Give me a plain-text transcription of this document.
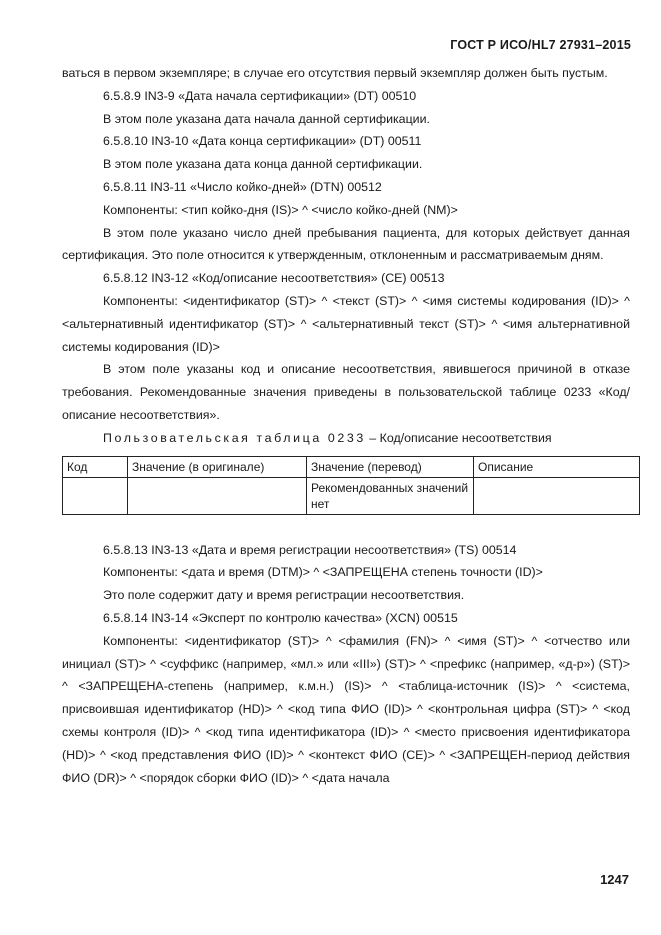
ГОСТ Р ИСО/HL7 27931–2015

ваться в первом экземпляре; в случае его отсутствия первый экземпляр должен быть пустым.

6.5.8.9 IN3-9 «Дата начала сертификации» (DT) 00510

В этом поле указана дата начала данной сертификации.

6.5.8.10 IN3-10 «Дата конца сертификации» (DT) 00511

В этом поле указана дата конца данной сертификации.

6.5.8.11 IN3-11 «Число койко-дней» (DTN) 00512

Компоненты: <тип койко-дня (IS)> ^ <число койко-дней (NM)>

В этом поле указано число дней пребывания пациента, для которых действует данная сертификация. Это поле относится к утвержденным, отклоненным и рассматриваемым дням.

6.5.8.12 IN3-12 «Код/описание несоответствия» (CE) 00513

Компоненты: <идентификатор (ST)> ^ <текст (ST)> ^ <имя системы кодирования (ID)> ^ <альтернативный идентификатор (ST)> ^ <альтернативный текст (ST)> ^ <имя альтернативной системы кодирования (ID)>

В этом поле указаны код и описание несоответствия, явившегося причиной в отказе требования. Рекомендованные значения приведены в пользовательской таблице 0233 «Код/описание несоответствия».

Пользовательская таблица 0233 – Код/описание несоответствия

Код	Значение (в оригинале)	Значение (перевод)	Описание
		Рекомендованных значений нет	

6.5.8.13 IN3-13 «Дата и время регистрации несоответствия» (TS) 00514

Компоненты: <дата и время (DTM)> ^ <ЗАПРЕЩЕНА степень точности (ID)>

Это поле содержит дату и время регистрации несоответствия.

6.5.8.14 IN3-14 «Эксперт по контролю качества» (XCN) 00515

Компоненты: <идентификатор (ST)> ^ <фамилия (FN)> ^ <имя (ST)> ^ <отчество или инициал (ST)> ^ <суффикс (например, «мл.» или «III») (ST)> ^ <префикс (например, «д-р») (ST)> ^ <ЗАПРЕЩЕНА-степень (например, к.м.н.) (IS)> ^ <таблица-источник (IS)> ^ <система, присвоившая идентификатор (HD)> ^ <код типа ФИО (ID)> ^ <контрольная цифра (ST)> ^ <код схемы контроля (ID)> ^ <код типа идентификатора (ID)> ^ <место присвоения идентификатора (HD)> ^ <код представления ФИО (ID)> ^ <контекст ФИО (CE)> ^ <ЗАПРЕЩЕН-период действия ФИО (DR)> ^ <порядок сборки ФИО (ID)> ^ <дата начала

1247
